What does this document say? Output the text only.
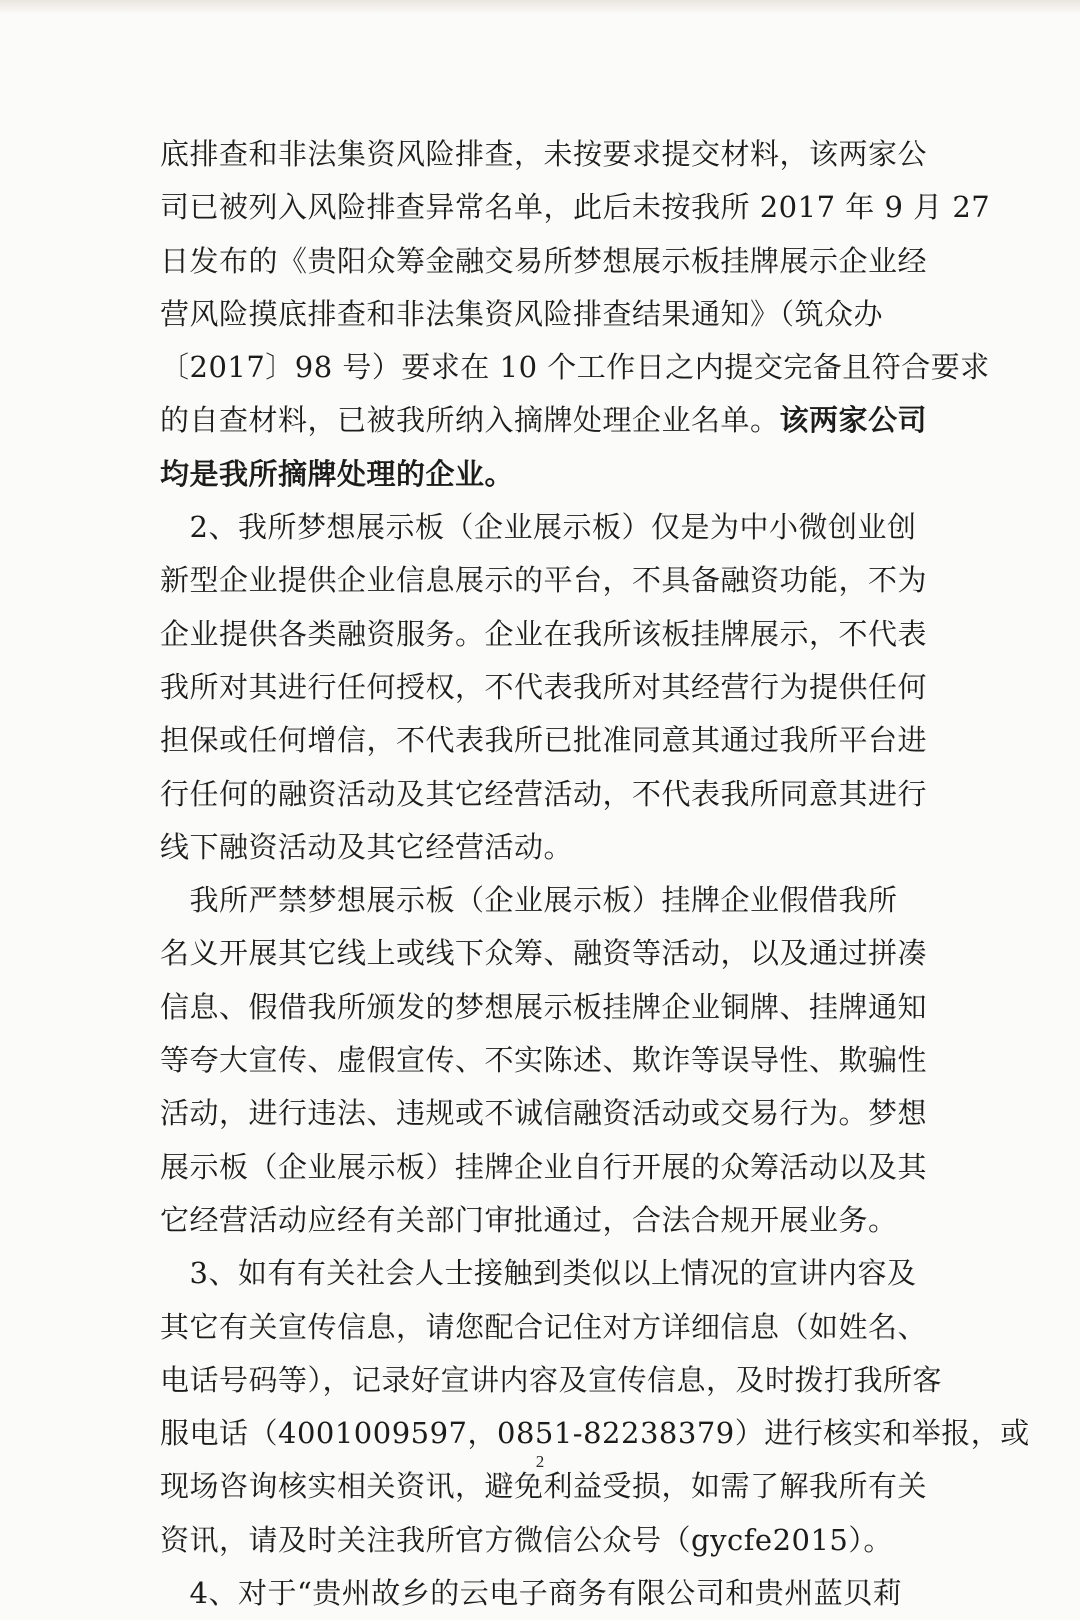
底排查和非法集资风险排查，未按要求提交材料，该两家公
司已被列入风险排查异常名单，此后未按我所 2017 年 9 月 27
日发布的《贵阳众筹金融交易所梦想展示板挂牌展示企业经
营风险摸底排查和非法集资风险排查结果通知》（筑众办
〔2017〕98 号）要求在 10 个工作日之内提交完备且符合要求
的自查材料，已被我所纳入摘牌处理企业名单。该两家公司
均是我所摘牌处理的企业。
　2、我所梦想展示板（企业展示板）仅是为中小微创业创
新型企业提供企业信息展示的平台，不具备融资功能，不为
企业提供各类融资服务。企业在我所该板挂牌展示，不代表
我所对其进行任何授权，不代表我所对其经营行为提供任何
担保或任何增信，不代表我所已批准同意其通过我所平台进
行任何的融资活动及其它经营活动，不代表我所同意其进行
线下融资活动及其它经营活动。
　我所严禁梦想展示板（企业展示板）挂牌企业假借我所
名义开展其它线上或线下众筹、融资等活动，以及通过拼凑
信息、假借我所颁发的梦想展示板挂牌企业铜牌、挂牌通知
等夸大宣传、虚假宣传、不实陈述、欺诈等误导性、欺骗性
活动，进行违法、违规或不诚信融资活动或交易行为。梦想
展示板（企业展示板）挂牌企业自行开展的众筹活动以及其
它经营活动应经有关部门审批通过，合法合规开展业务。
　3、如有有关社会人士接触到类似以上情况的宣讲内容及
其它有关宣传信息，请您配合记住对方详细信息（如姓名、
电话号码等），记录好宣讲内容及宣传信息，及时拨打我所客
服电话（4001009597，0851-82238379）进行核实和举报，或
现场咨询核实相关资讯，避免利益受损，如需了解我所有关
资讯，请及时关注我所官方微信公众号（gycfe2015）。
　4、对于“贵州故乡的云电子商务有限公司和贵州蓝贝莉
2
